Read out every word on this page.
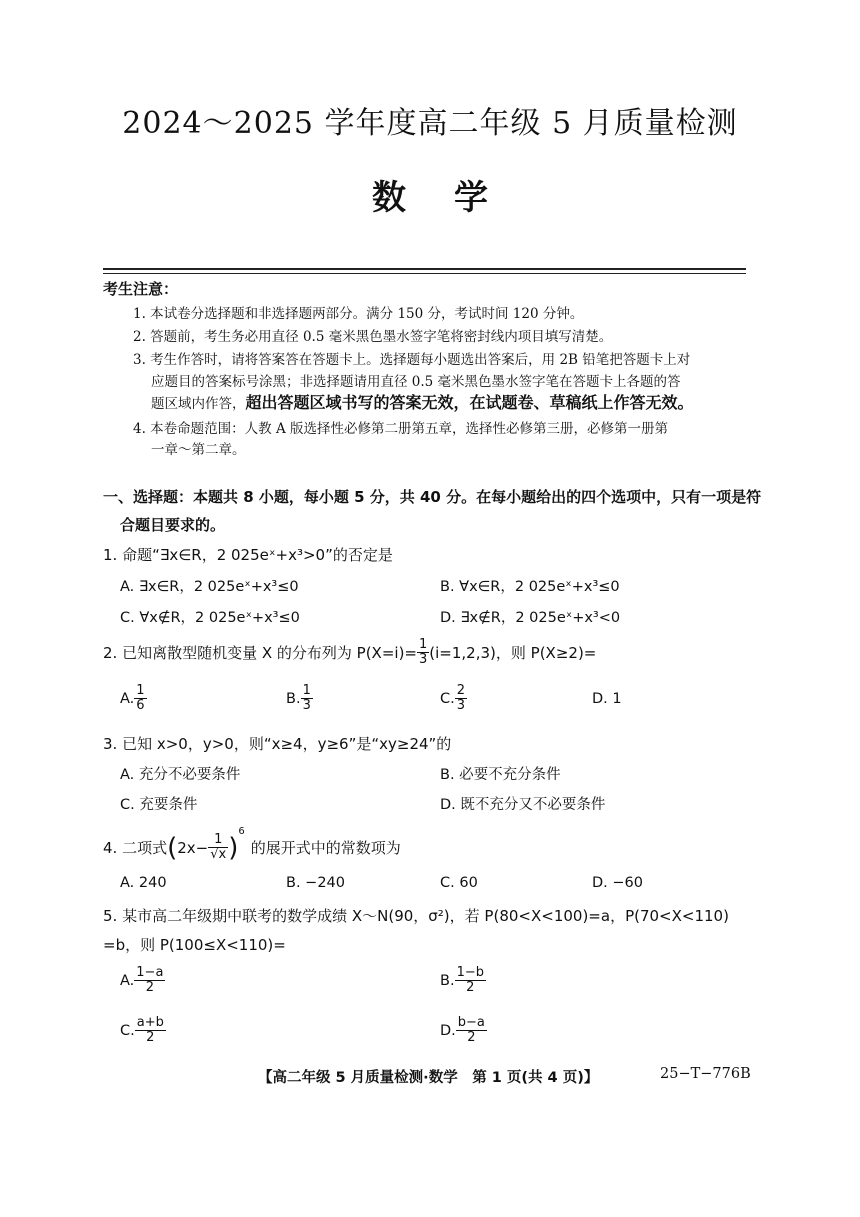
2024～2025 学年度高二年级 5 月质量检测
数学
考生注意：
1. 本试卷分选择题和非选择题两部分。满分 150 分，考试时间 120 分钟。
2. 答题前，考生务必用直径 0.5 毫米黑色墨水签字笔将密封线内项目填写清楚。
3. 考生作答时，请将答案答在答题卡上。选择题每小题选出答案后，用 2B 铅笔把答题卡上对
应题目的答案标号涂黑；非选择题请用直径 0.5 毫米黑色墨水签字笔在答题卡上各题的答
题区域内作答，超出答题区域书写的答案无效，在试题卷、草稿纸上作答无效。
4. 本卷命题范围：人教 A 版选择性必修第二册第五章，选择性必修第三册，必修第一册第
一章～第二章。
一、选择题：本题共 8 小题，每小题 5 分，共 40 分。在每小题给出的四个选项中，只有一项是符
合题目要求的。
1. 命题“∃x∈R，2 025eˣ+x³>0”的否定是
A. ∃x∈R，2 025eˣ+x³≤0	B. ∀x∈R，2 025eˣ+x³≤0
C. ∀x∉R，2 025eˣ+x³≤0	D. ∃x∉R，2 025eˣ+x³<0
2. 已知离散型随机变量 X 的分布列为 $P(X=i)= \frac{1}{3} (i=1,2,3)$，则 P(X≥2)=
A. $\frac{1}{6}$	B. $\frac{1}{3}$	C. $\frac{2}{3}$	D. 1
3. 已知 x>0，y>0，则“x≥4，y≥6”是“xy≥24”的
A. 充分不必要条件	B. 必要不充分条件
C. 充要条件	D. 既不充分又不必要条件
4. 二项式$(2x- \frac{1}{√x} )^6$的展开式中的常数项为
A. 240	B. −240	C. 60	D. −60
5. 某市高二年级期中联考的数学成绩 X～N(90，σ²)，若 P(80<X<100)=a，P(70<X<110)
=b，则 P(100≤X<110)=
A. $\frac{1-a}{2}$	B. $\frac{1-b}{2}$
C. $\frac{a+b}{2}$	D. $\frac{b-a}{2}$
【高二年级 5 月质量检测·数学　第 1 页(共 4 页)】	25−T−776B
